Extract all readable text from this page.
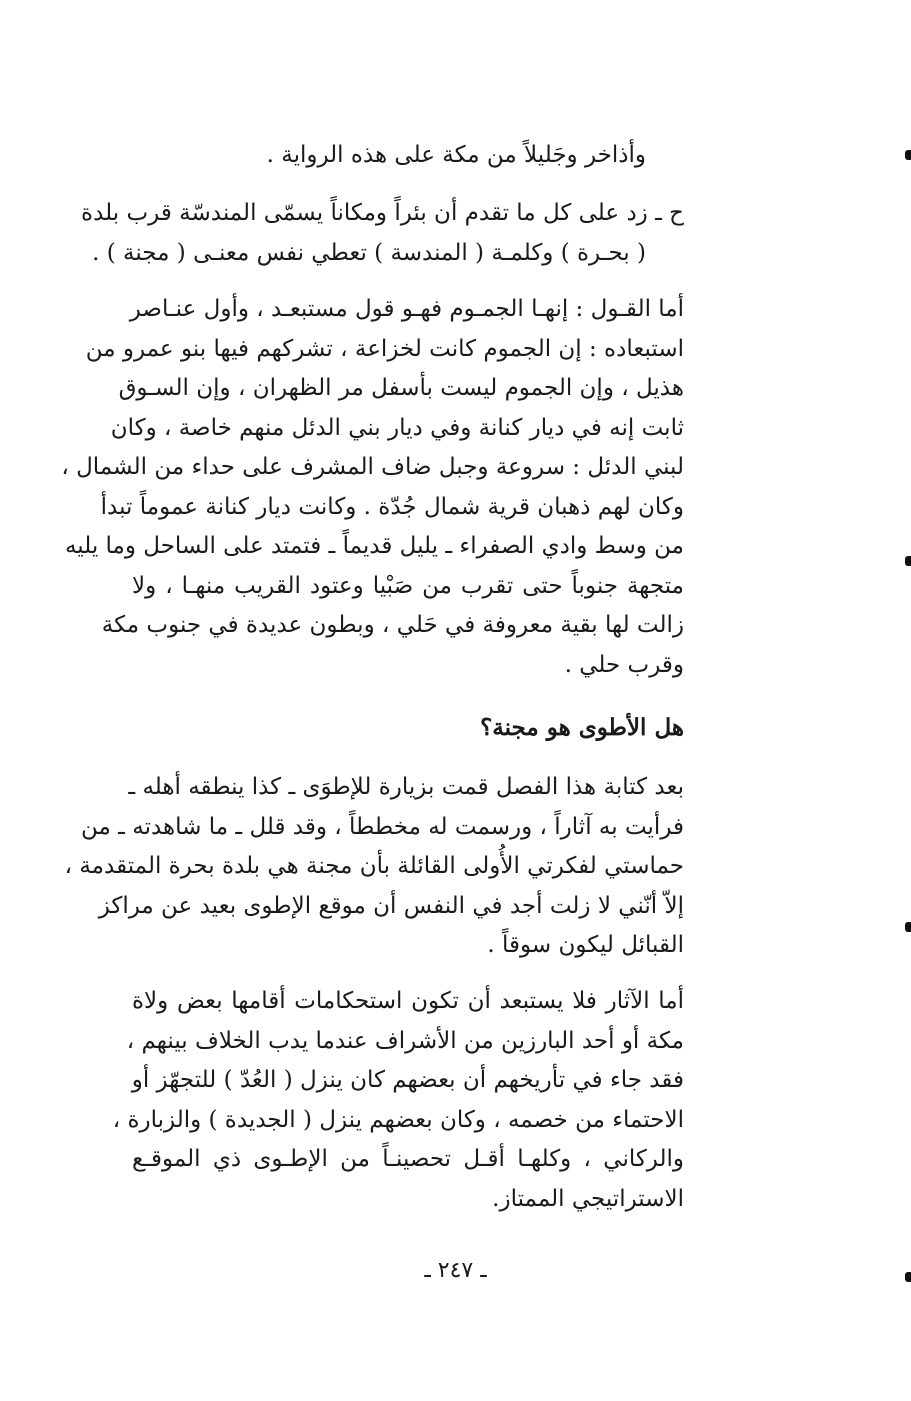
وأذاخر وجَليلاً من مكة على هذه الرواية .
ح ـ زد على كل ما تقدم أن بئراً ومكاناً يسمّى المندسّة قرب بلدة
( بحـرة ) وكلمـة ( المندسة ) تعطي نفس معنـى ( مجنة ) .
أما القـول : إنهـا الجمـوم فهـو قول مستبعـد ، وأول عنـاصر
استبعاده : إن الجموم كانت لخزاعة ، تشركهم فيها بنو عمرو من
هذيل ، وإن الجموم ليست بأسفل مر الظهران ، وإن السـوق
ثابت إنه في ديار كنانة وفي ديار بني الدئل منهم خاصة ، وكان
لبني الدئل : سروعة وجبل ضاف المشرف على حداء من الشمال ،
وكان لهم ذهبان قرية شمال جُدّة . وكانت ديار كنانة عموماً تبدأ
من وسط وادي الصفراء ـ يليل قديماً ـ فتمتد على الساحل وما يليه
متجهة جنوباً حتى تقرب من صَبْيا وعتود القريب منهـا ، ولا
زالت لها بقية معروفة في حَلي ، وبطون عديدة في جنوب مكة
وقرب حلي .
هل الأطوى هو مجنة؟
بعد كتابة هذا الفصل قمت بزيارة للإطوَى ـ كذا ينطقه أهله ـ
فرأيت به آثاراً ، ورسمت له مخططاً ، وقد قلل ـ ما شاهدته ـ من
حماستي لفكرتي الأُولى القائلة بأن مجنة هي بلدة بحرة المتقدمة ،
إلاّ أنّني لا زلت أجد في النفس أن موقع الإطوى بعيد عن مراكز
القبائل ليكون سوقاً .
أما الآثار فلا يستبعد أن تكون استحكامات أقامها بعض ولاة
مكة أو أحد البارزين من الأشراف عندما يدب الخلاف بينهم ،
فقد جاء في تأريخهم أن بعضهم كان ينزل ( العُدّ ) للتجهّز أو
الاحتماء من خصمه ، وكان بعضهم ينزل ( الجديدة ) والزبارة ،
والركاني ، وكلهـا أقـل تحصينـاً من الإطـوى ذي الموقـع
الاستراتيجي الممتاز.
ـ ٢٤٧ ـ
